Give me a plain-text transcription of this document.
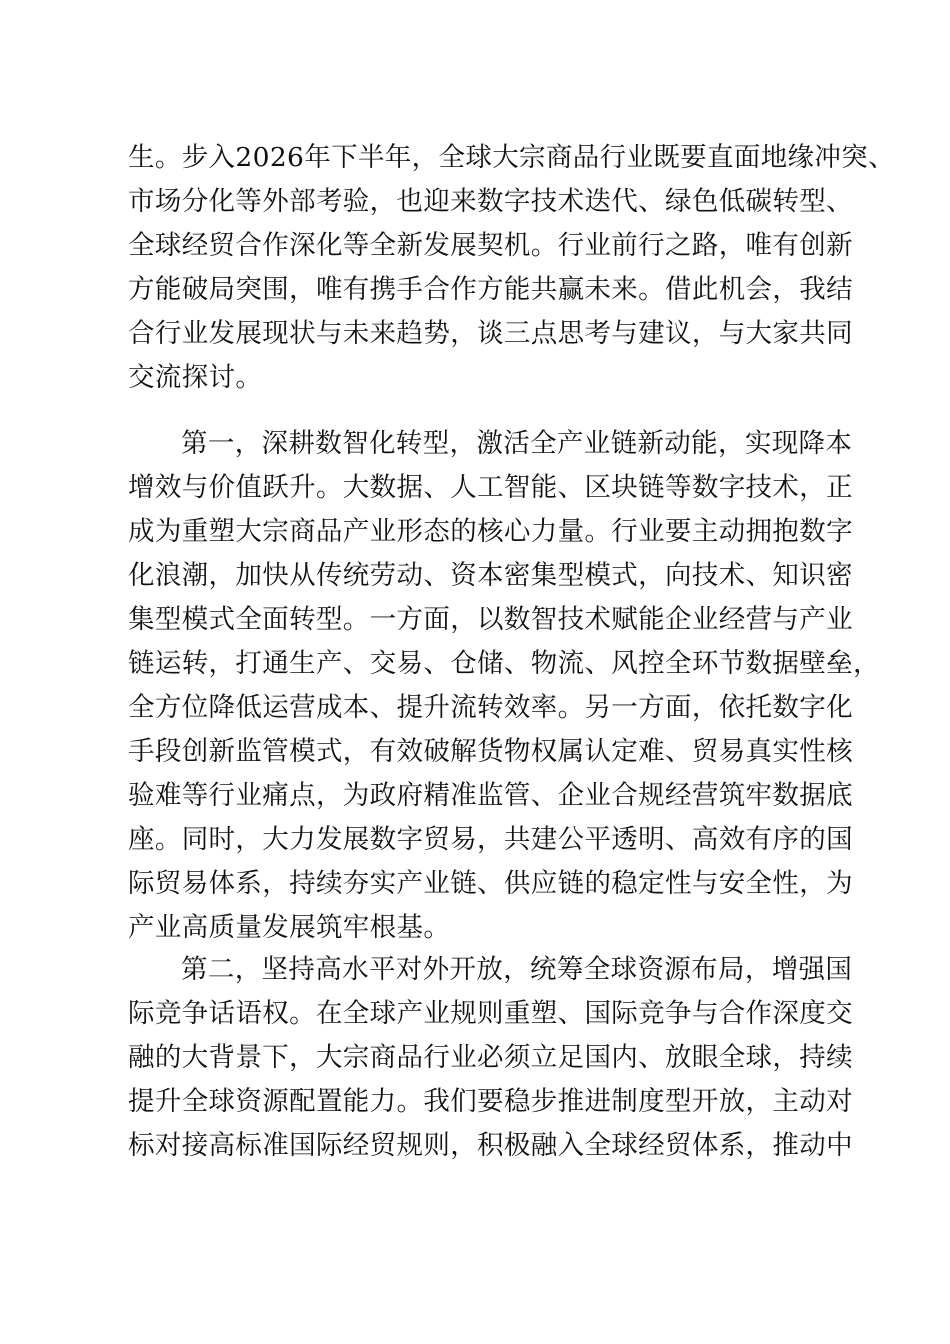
生。步入2026年下半年，全球大宗商品行业既要直面地缘冲突、
市场分化等外部考验，也迎来数字技术迭代、绿色低碳转型、
全球经贸合作深化等全新发展契机。行业前行之路，唯有创新
方能破局突围，唯有携手合作方能共赢未来。借此机会，我结
合行业发展现状与未来趋势，谈三点思考与建议，与大家共同
交流探讨。
第一，深耕数智化转型，激活全产业链新动能，实现降本
增效与价值跃升。大数据、人工智能、区块链等数字技术，正
成为重塑大宗商品产业形态的核心力量。行业要主动拥抱数字
化浪潮，加快从传统劳动、资本密集型模式，向技术、知识密
集型模式全面转型。一方面，以数智技术赋能企业经营与产业
链运转，打通生产、交易、仓储、物流、风控全环节数据壁垒，
全方位降低运营成本、提升流转效率。另一方面，依托数字化
手段创新监管模式，有效破解货物权属认定难、贸易真实性核
验难等行业痛点，为政府精准监管、企业合规经营筑牢数据底
座。同时，大力发展数字贸易，共建公平透明、高效有序的国
际贸易体系，持续夯实产业链、供应链的稳定性与安全性，为
产业高质量发展筑牢根基。
第二，坚持高水平对外开放，统筹全球资源布局，增强国
际竞争话语权。在全球产业规则重塑、国际竞争与合作深度交
融的大背景下，大宗商品行业必须立足国内、放眼全球，持续
提升全球资源配置能力。我们要稳步推进制度型开放，主动对
标对接高标准国际经贸规则，积极融入全球经贸体系，推动中
